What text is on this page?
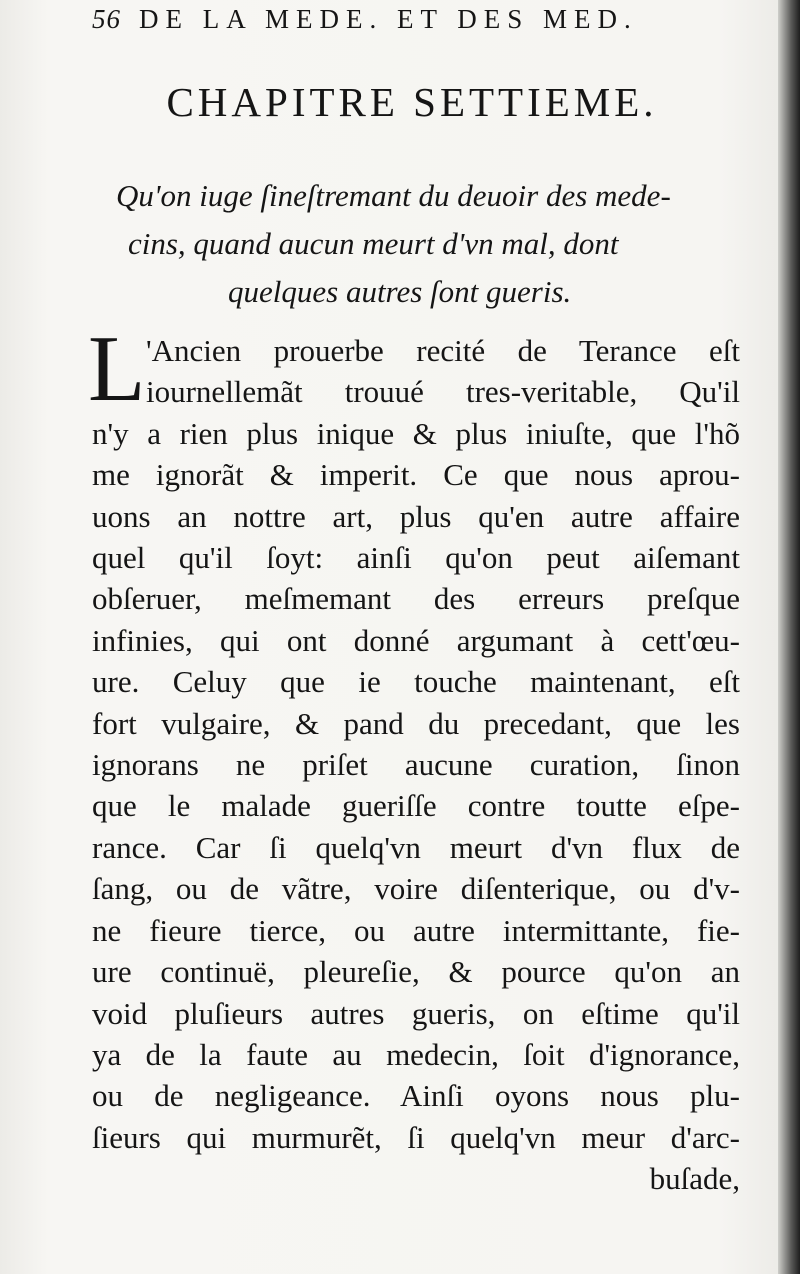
56 DE LA MEDE. ET DES MED.
CHAPITRE SETTIEME.
Qu'on iuge ſineſtremant du deuoir des mede-
cins, quand aucun meurt d'vn mal, dont
quelques autres ſont gueris.
L 'Ancien prouerbe recité de Terance eſt
iournellemãt trouué tres-veritable, Qu'il
n'y a rien plus inique & plus iniuſte, que l'hõ
me ignorãt & imperit. Ce que nous aprou-
uons an nottre art, plus qu'en autre affaire
quel qu'il ſoyt: ainſi qu'on peut aiſemant
obſeruer, meſmemant des erreurs preſque
infinies, qui ont donné argumant à cett'œu-
ure. Celuy que ie touche maintenant, eſt
fort vulgaire, & pand du precedant, que les
ignorans ne priſet aucune curation, ſinon
que le malade gueriſſe contre toutte eſpe-
rance. Car ſi quelq'vn meurt d'vn flux de
ſang, ou de vãtre, voire diſenterique, ou d'v-
ne fieure tierce, ou autre intermittante, fie-
ure continuë, pleureſie, & pource qu'on an
void pluſieurs autres gueris, on eſtime qu'il
ya de la faute au medecin, ſoit d'ignorance,
ou de negligeance. Ainſi oyons nous plu-
ſieurs qui murmurẽt, ſi quelq'vn meur d'arc-
buſade,
